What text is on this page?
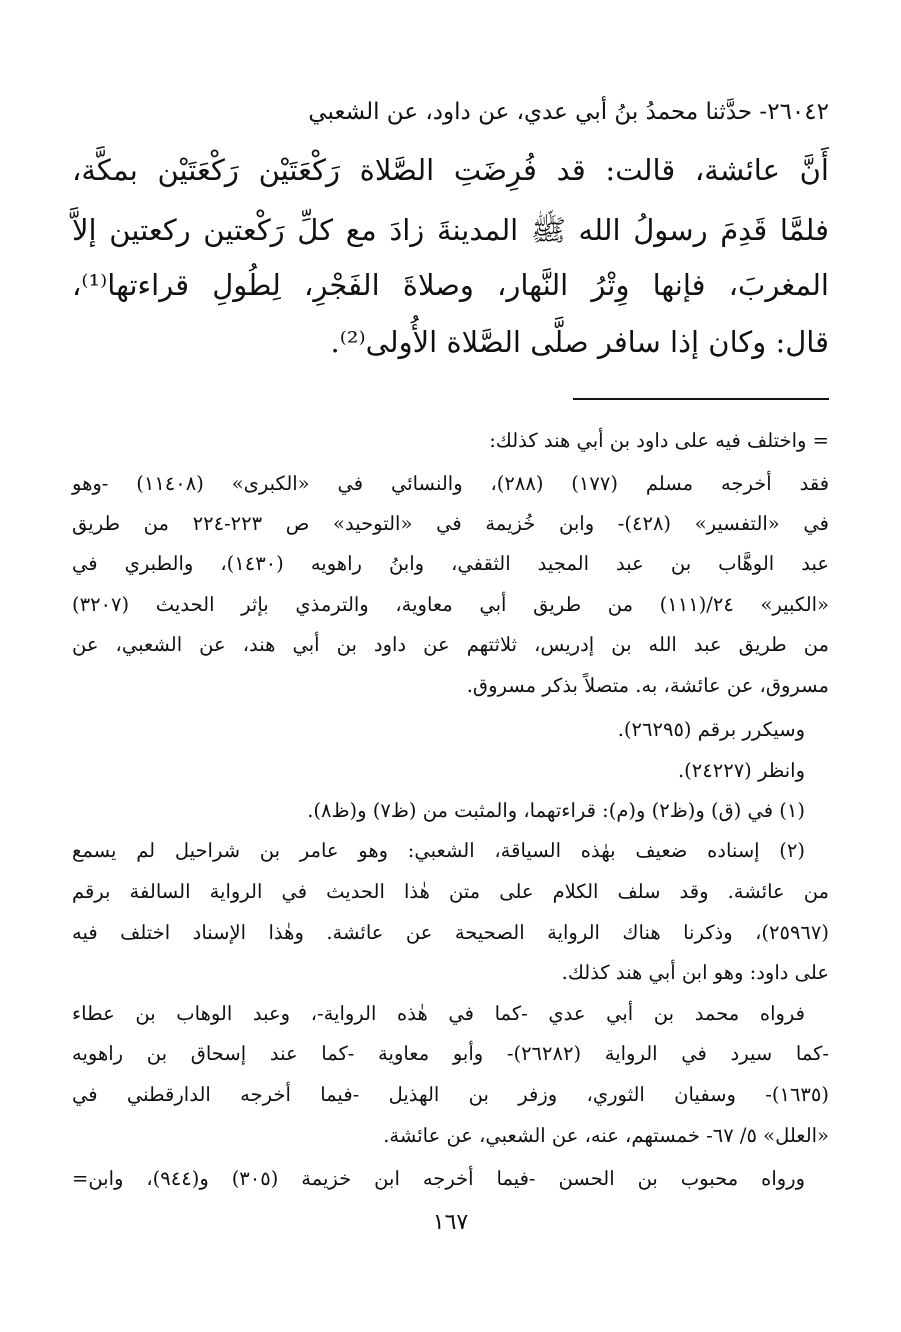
٢٦٠٤٢- حدَّثنا محمدُ بنُ أبي عدي، عن داود، عن الشعبي
أَنَّ عائشة، قالت: قد فُرِضَتِ الصَّلاة رَكْعَتَيْن رَكْعَتَيْن بمكَّة،
فلمَّا قَدِمَ رسولُ الله ﷺ المدينةَ زادَ مع كلِّ رَكْعتين ركعتين إلاَّ
المغربَ، فإنها وِتْرُ النَّهار، وصلاةَ الفَجْرِ، لِطُولِ قراءتها⁽¹⁾،
قال: وكان إذا سافر صلَّى الصَّلاة الأُولى⁽²⁾.
= واختلف فيه على داود بن أبي هند كذلك:
فقد أخرجه مسلم (١٧٧) (٢٨٨)، والنسائي في «الكبرى» (١١٤٠٨) -وهو
في «التفسير» (٤٢٨)- وابن خُزيمة في «التوحيد» ص ٢٢٣-٢٢٤ من طريق
عبد الوهَّاب بن عبد المجيد الثقفي، وابنُ راهويه (١٤٣٠)، والطبري في
«الكبير» ٢٤/(١١١) من طريق أبي معاوية، والترمذي بإثر الحديث (٣٢٠٧)
من طريق عبد الله بن إدريس، ثلاثتهم عن داود بن أبي هند، عن الشعبي، عن
مسروق، عن عائشة، به. متصلاً بذكر مسروق.
وسيكرر برقم (٢٦٢٩٥).
وانظر (٢٤٢٢٧).
(١) في (ق) و(ظ٢) و(م): قراءتهما، والمثبت من (ظ٧) و(ظ٨).
(٢) إسناده ضعيف بهٰذه السياقة، الشعبي: وهو عامر بن شراحيل لم يسمع
من عائشة. وقد سلف الكلام على متن هٰذا الحديث في الرواية السالفة برقم
(٢٥٩٦٧)، وذكرنا هناك الرواية الصحيحة عن عائشة. وهٰذا الإسناد اختلف فيه
على داود: وهو ابن أبي هند كذلك.
فرواه محمد بن أبي عدي -كما في هٰذه الرواية-، وعبد الوهاب بن عطاء
-كما سيرد في الرواية (٢٦٢٨٢)- وأبو معاوية -كما عند إسحاق بن راهويه
(١٦٣٥)- وسفيان الثوري، وزفر بن الهذيل -فيما أخرجه الدارقطني في
«العلل» ٥/ ٦٧- خمستهم، عنه، عن الشعبي، عن عائشة.
ورواه محبوب بن الحسن -فيما أخرجه ابن خزيمة (٣٠٥) و(٩٤٤)، وابن=
١٦٧
